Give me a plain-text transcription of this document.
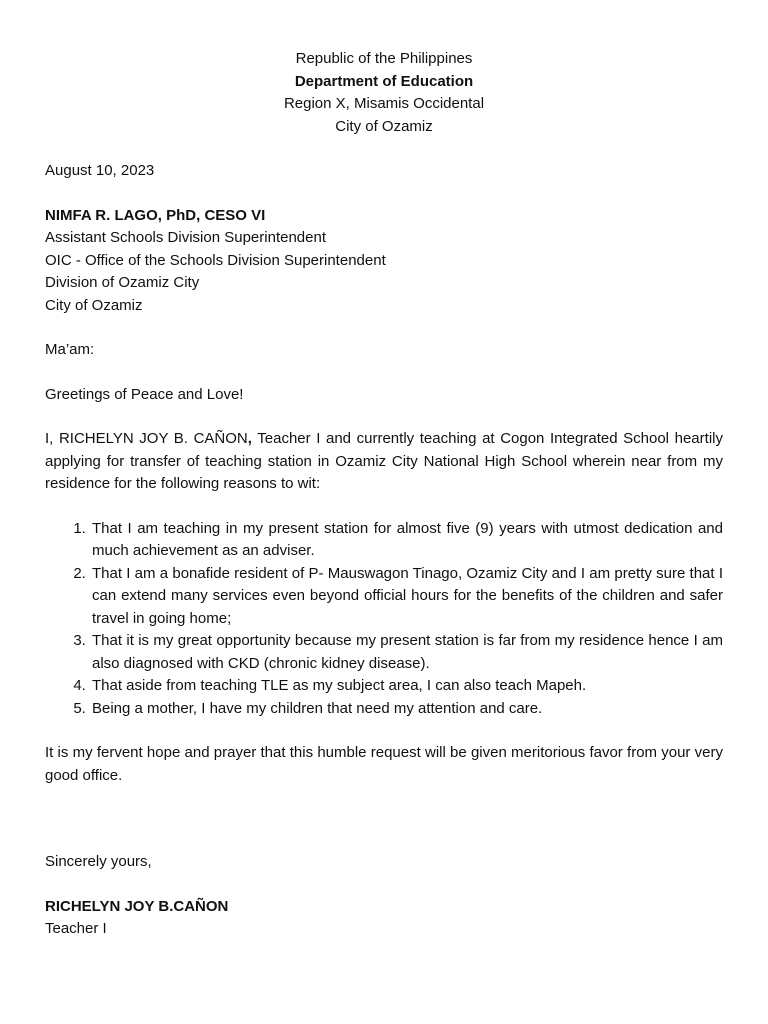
Republic of the Philippines
Department of Education
Region X, Misamis Occidental
City of Ozamiz
August 10, 2023
NIMFA R. LAGO, PhD, CESO VI
Assistant Schools Division Superintendent
OIC - Office of the Schools Division Superintendent
Division of Ozamiz City
City of Ozamiz
Ma’am:
Greetings of Peace and Love!
I, RICHELYN JOY B. CAÑON, Teacher I and currently teaching at Cogon Integrated School heartily applying for transfer of teaching station in Ozamiz City National High School wherein near from my residence for the following reasons to wit:
1. That I am teaching in my present station for almost five (9) years with utmost dedication and much achievement as an adviser.
2. That I am a bonafide resident of P- Mauswagon Tinago, Ozamiz City and I am pretty sure that I can extend many services even beyond official hours for the benefits of the children and safer travel in going home;
3. That it is my great opportunity because my present station is far from my residence hence I am also diagnosed with CKD (chronic kidney disease).
4. That aside from teaching TLE as my subject area, I can also teach Mapeh.
5. Being a mother, I have my children that need my attention and care.
It is my fervent hope and prayer that this humble request will be given meritorious favor from your very good office.
Sincerely yours,
RICHELYN JOY B.CAÑON
Teacher I
